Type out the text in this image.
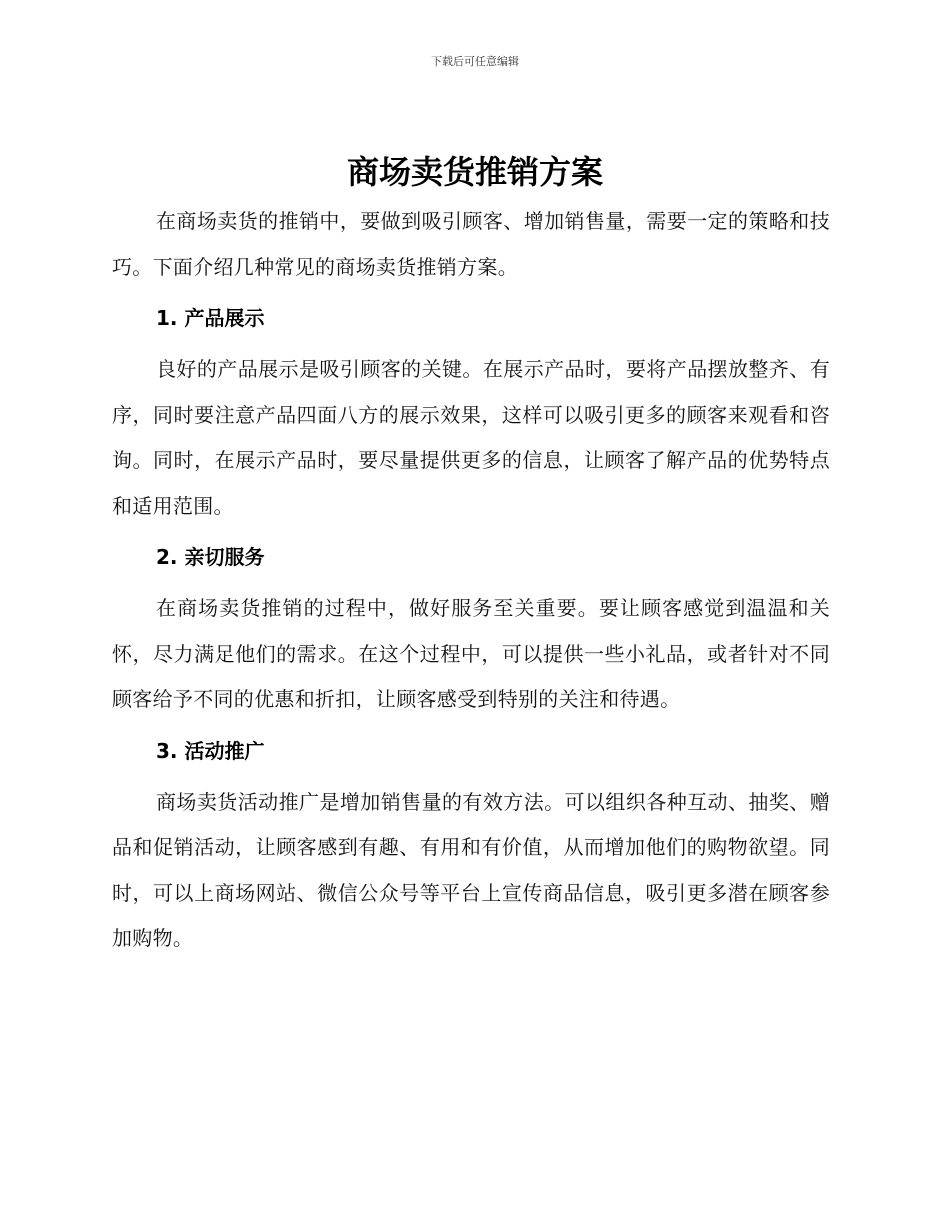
下载后可任意编辑
商场卖货推销方案

在商场卖货的推销中，要做到吸引顾客、增加销售量，需要一定的策略和技巧。下面介绍几种常见的商场卖货推销方案。

1. 产品展示

良好的产品展示是吸引顾客的关键。在展示产品时，要将产品摆放整齐、有序，同时要注意产品四面八方的展示效果，这样可以吸引更多的顾客来观看和咨询。同时，在展示产品时，要尽量提供更多的信息，让顾客了解产品的优势特点和适用范围。

2. 亲切服务

在商场卖货推销的过程中，做好服务至关重要。要让顾客感觉到温温和关怀，尽力满足他们的需求。在这个过程中，可以提供一些小礼品，或者针对不同顾客给予不同的优惠和折扣，让顾客感受到特别的关注和待遇。

3. 活动推广

商场卖货活动推广是增加销售量的有效方法。可以组织各种互动、抽奖、赠品和促销活动，让顾客感到有趣、有用和有价值，从而增加他们的购物欲望。同时，可以上商场网站、微信公众号等平台上宣传商品信息，吸引更多潜在顾客参加购物。
